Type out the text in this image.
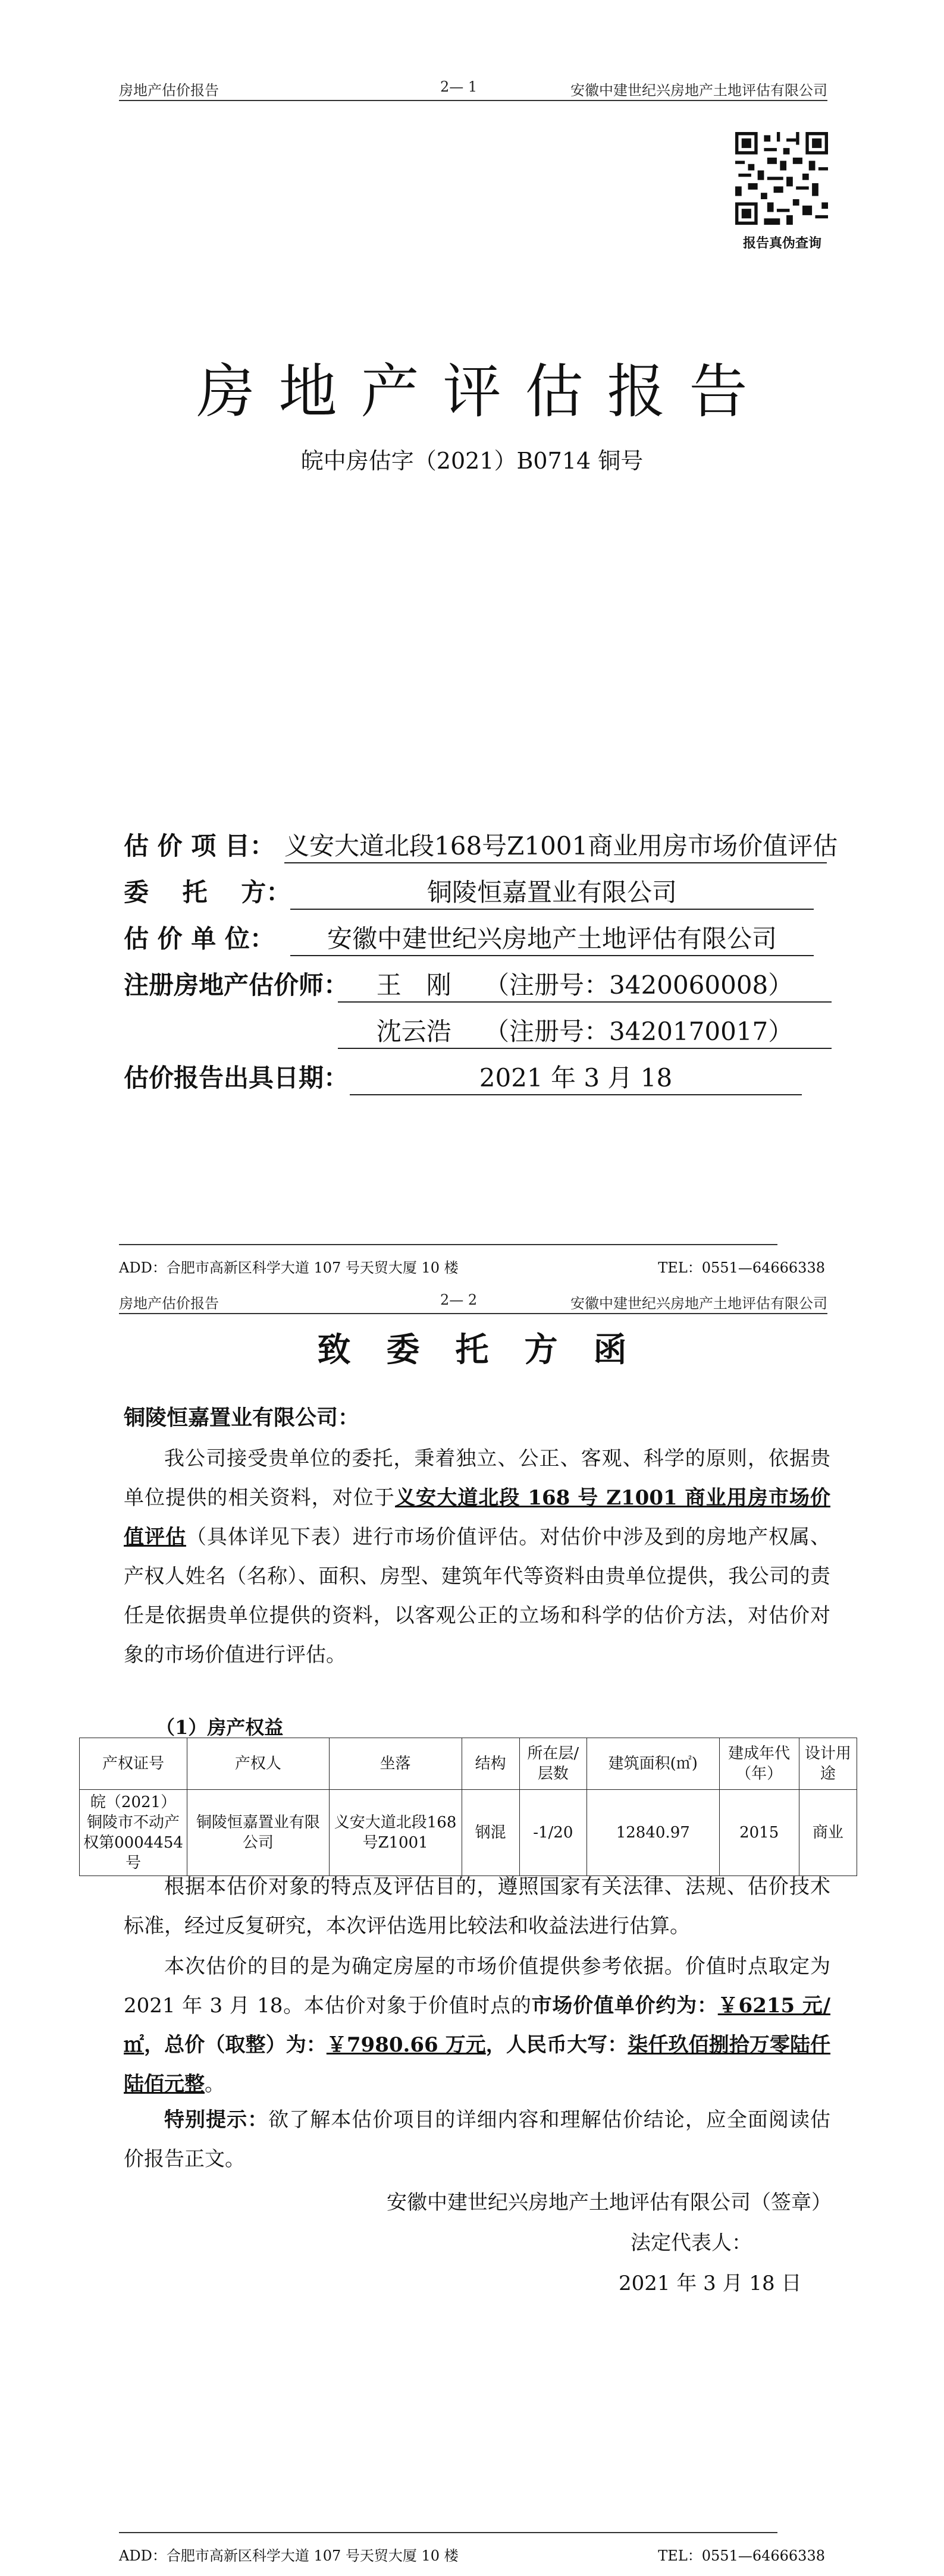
房地产估价报告	2— 1	安徽中建世纪兴房地产土地评估有限公司
报告真伪查询
房地产评估报告
皖中房估字（2021）B0714 铜号
估 价 项 目： 义安大道北段168号Z1001商业用房市场价值评估
委　 托　 方：	铜陵恒嘉置业有限公司
估 价 单 位：	安徽中建世纪兴房地产土地评估有限公司
注册房地产估价师：	王　刚　 （注册号：3420060008）
沈云浩　 （注册号：3420170017）
估价报告出具日期：	2021 年 3 月 18
ADD：合肥市高新区科学大道 107 号天贸大厦 10 楼	TEL：0551—64666338
房地产估价报告	2— 2	安徽中建世纪兴房地产土地评估有限公司
致委托方函
铜陵恒嘉置业有限公司：
我公司接受贵单位的委托，秉着独立、公正、客观、科学的原则，依据贵单位提供的相关资料，对位于义安大道北段 168 号 Z1001 商业用房市场价值评估（具体详见下表）进行市场价值评估。对估价中涉及到的房地产权属、产权人姓名（名称）、面积、房型、建筑年代等资料由贵单位提供，我公司的责任是依据贵单位提供的资料，以客观公正的立场和科学的估价方法，对估价对象的市场价值进行评估。
（1）房产权益
产权证号	产权人	坐落	结构	所在层/层数	建筑面积(㎡)	建成年代（年）	设计用途
皖（2021）铜陵市不动产权第0004454号	铜陵恒嘉置业有限公司	义安大道北段168号Z1001	钢混	-1/20	12840.97	2015	商业
根据本估价对象的特点及评估目的，遵照国家有关法律、法规、估价技术标准，经过反复研究，本次评估选用比较法和收益法进行估算。
本次估价的目的是为确定房屋的市场价值提供参考依据。价值时点取定为 2021 年 3 月 18。本估价对象于价值时点的市场价值单价约为：￥6215 元/㎡，总价（取整）为：￥7980.66 万元，人民币大写：柒仟玖佰捌拾万零陆仟陆佰元整。
特别提示：欲了解本估价项目的详细内容和理解估价结论，应全面阅读估价报告正文。
安徽中建世纪兴房地产土地评估有限公司（签章）
法定代表人：
2021 年 3 月 18 日
ADD：合肥市高新区科学大道 107 号天贸大厦 10 楼	TEL：0551—64666338
